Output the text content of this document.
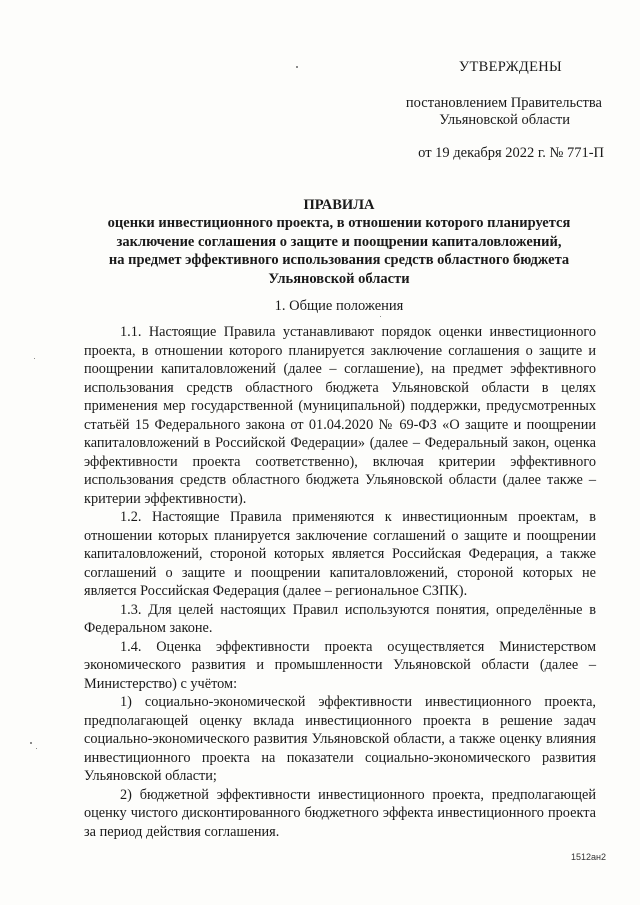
УТВЕРЖДЕНЫ
постановлением Правительства
Ульяновской области
от 19 декабря 2022 г. № 771-П
ПРАВИЛА
оценки инвестиционного проекта, в отношении которого планируется
заключение соглашения о защите и поощрении капиталовложений,
на предмет эффективного использования средств областного бюджета
Ульяновской области
1. Общие положения

1.1. Настоящие Правила устанавливают порядок оценки инвестиционного проекта, в отношении которого планируется заключение соглашения о защите и поощрении капиталовложений (далее – соглашение), на предмет эффективного использования средств областного бюджета Ульяновской области в целях применения мер государственной (муниципальной) поддержки, предусмотренных статьёй 15 Федерального закона от 01.04.2020 № 69-ФЗ «О защите и поощрении капиталовложений в Российской Федерации» (далее – Федеральный закон, оценка эффективности проекта соответственно), включая критерии эффективного использования средств областного бюджета Ульяновской области (далее также – критерии эффективности).

1.2. Настоящие Правила применяются к инвестиционным проектам, в отношении которых планируется заключение соглашений о защите и поощрении капиталовложений, стороной которых является Российская Федерация, а также соглашений о защите и поощрении капиталовложений, стороной которых не является Российская Федерация (далее – региональное СЗПК).

1.3. Для целей настоящих Правил используются понятия, определённые в Федеральном законе.

1.4. Оценка эффективности проекта осуществляется Министерством экономического развития и промышленности Ульяновской области (далее – Министерство) с учётом:

1) социально-экономической эффективности инвестиционного проекта, предполагающей оценку вклада инвестиционного проекта в решение задач социально-экономического развития Ульяновской области, а также оценку влияния инвестиционного проекта на показатели социально-экономического развития Ульяновской области;

2) бюджетной эффективности инвестиционного проекта, предполагающей оценку чистого дисконтированного бюджетного эффекта инвестиционного проекта за период действия соглашения.

1512ан2
